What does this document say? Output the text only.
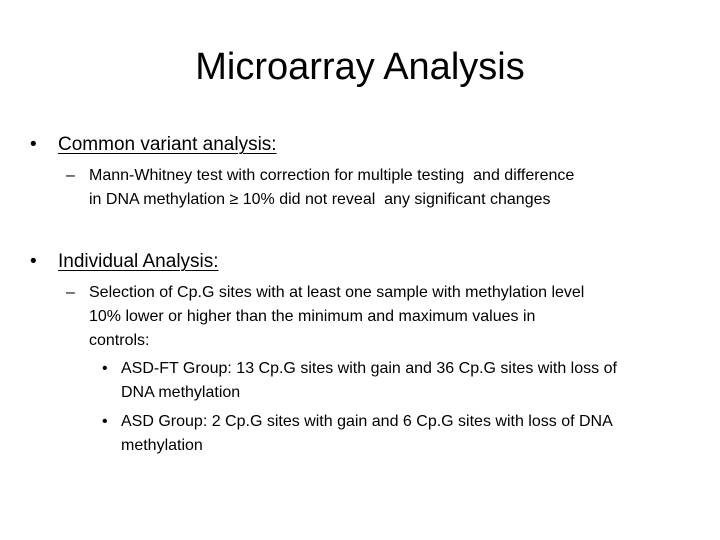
Microarray Analysis
• Common variant analysis:
– Mann-Whitney test with correction for multiple testing  and difference
in DNA methylation ≥ 10% did not reveal  any significant changes
• Individual Analysis:
– Selection of Cp.G sites with at least one sample with methylation level
10% lower or higher than the minimum and maximum values in
controls:
• ASD-FT Group: 13 Cp.G sites with gain and 36 Cp.G sites with loss of
DNA methylation
• ASD Group: 2 Cp.G sites with gain and 6 Cp.G sites with loss of DNA
methylation
